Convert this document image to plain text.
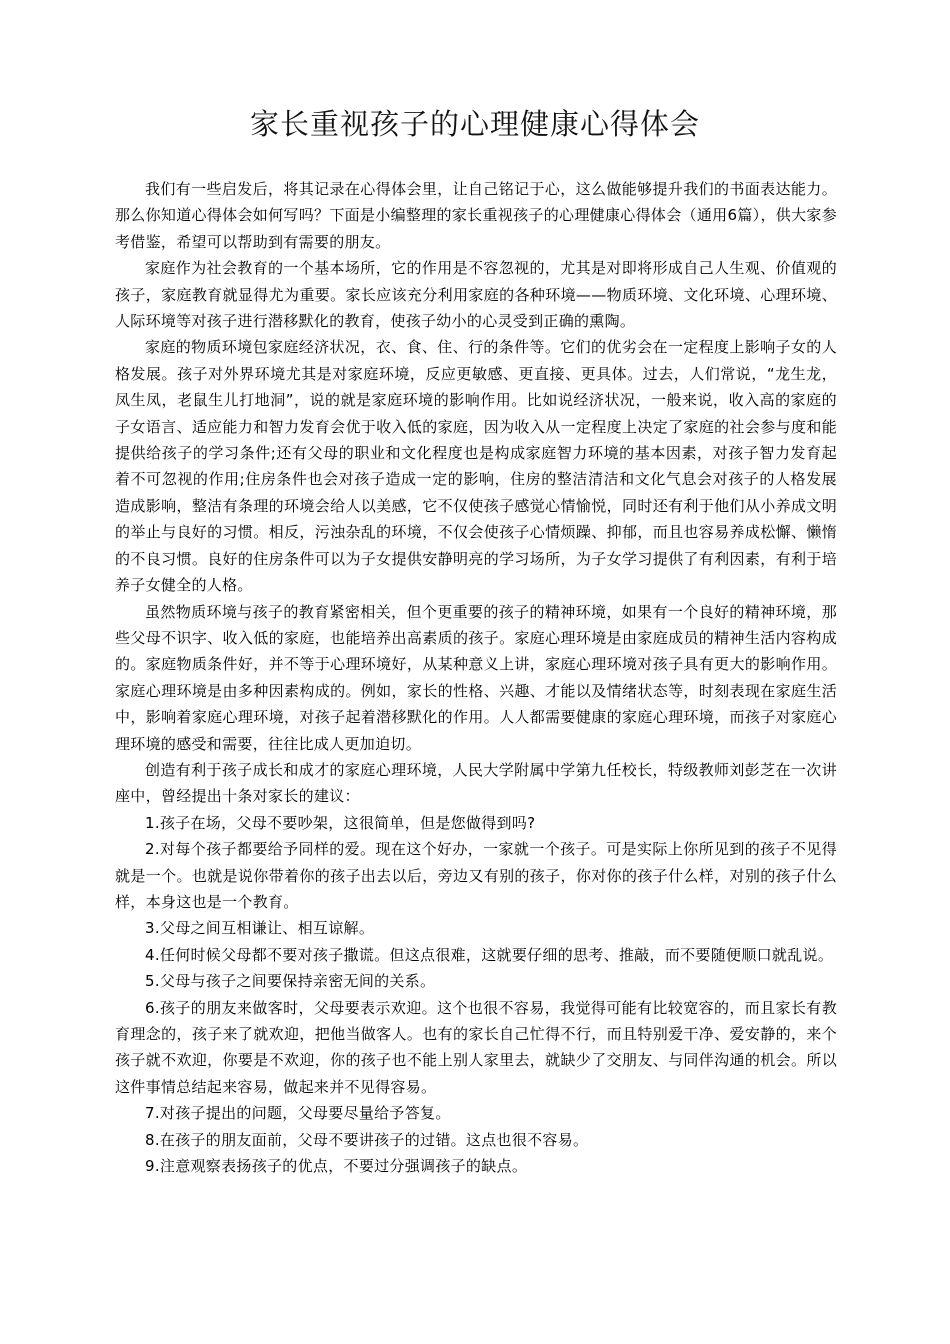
家长重视孩子的心理健康心得体会

我们有一些启发后，将其记录在心得体会里，让自己铭记于心，这么做能够提升我们的书面表达能力。那么你知道心得体会如何写吗？下面是小编整理的家长重视孩子的心理健康心得体会（通用6篇），供大家参考借鉴，希望可以帮助到有需要的朋友。

家庭作为社会教育的一个基本场所，它的作用是不容忽视的，尤其是对即将形成自己人生观、价值观的孩子，家庭教育就显得尤为重要。家长应该充分利用家庭的各种环境——物质环境、文化环境、心理环境、人际环境等对孩子进行潜移默化的教育，使孩子幼小的心灵受到正确的熏陶。

家庭的物质环境包家庭经济状况，衣、食、住、行的条件等。它们的优劣会在一定程度上影响子女的人格发展。孩子对外界环境尤其是对家庭环境，反应更敏感、更直接、更具体。过去，人们常说，“龙生龙，凤生凤，老鼠生儿打地洞”，说的就是家庭环境的影响作用。比如说经济状况，一般来说，收入高的家庭的子女语言、适应能力和智力发育会优于收入低的家庭，因为收入从一定程度上决定了家庭的社会参与度和能提供给孩子的学习条件;还有父母的职业和文化程度也是构成家庭智力环境的基本因素，对孩子智力发育起着不可忽视的作用;住房条件也会对孩子造成一定的影响，住房的整洁清洁和文化气息会对孩子的人格发展造成影响，整洁有条理的环境会给人以美感，它不仅使孩子感觉心情愉悦，同时还有利于他们从小养成文明的举止与良好的习惯。相反，污浊杂乱的环境，不仅会使孩子心情烦躁、抑郁，而且也容易养成松懈、懒惰的不良习惯。良好的住房条件可以为子女提供安静明亮的学习场所，为子女学习提供了有利因素，有利于培养子女健全的人格。

虽然物质环境与孩子的教育紧密相关，但个更重要的孩子的精神环境，如果有一个良好的精神环境，那些父母不识字、收入低的家庭，也能培养出高素质的孩子。家庭心理环境是由家庭成员的精神生活内容构成的。家庭物质条件好，并不等于心理环境好，从某种意义上讲，家庭心理环境对孩子具有更大的影响作用。家庭心理环境是由多种因素构成的。例如，家长的性格、兴趣、才能以及情绪状态等，时刻表现在家庭生活中，影响着家庭心理环境，对孩子起着潜移默化的作用。人人都需要健康的家庭心理环境，而孩子对家庭心理环境的感受和需要，往往比成人更加迫切。

创造有利于孩子成长和成才的家庭心理环境，人民大学附属中学第九任校长，特级教师刘彭芝在一次讲座中，曾经提出十条对家长的建议：

1.孩子在场，父母不要吵架，这很简单，但是您做得到吗?

2.对每个孩子都要给予同样的爱。现在这个好办，一家就一个孩子。可是实际上你所见到的孩子不见得就是一个。也就是说你带着你的孩子出去以后，旁边又有别的孩子，你对你的孩子什么样，对别的孩子什么样，本身这也是一个教育。

3.父母之间互相谦让、相互谅解。

4.任何时候父母都不要对孩子撒谎。但这点很难，这就要仔细的思考、推敲，而不要随便顺口就乱说。

5.父母与孩子之间要保持亲密无间的关系。

6.孩子的朋友来做客时，父母要表示欢迎。这个也很不容易，我觉得可能有比较宽容的，而且家长有教育理念的，孩子来了就欢迎，把他当做客人。也有的家长自己忙得不行，而且特别爱干净、爱安静的，来个孩子就不欢迎，你要是不欢迎，你的孩子也不能上别人家里去，就缺少了交朋友、与同伴沟通的机会。所以这件事情总结起来容易，做起来并不见得容易。

7.对孩子提出的问题，父母要尽量给予答复。

8.在孩子的朋友面前，父母不要讲孩子的过错。这点也很不容易。

9.注意观察表扬孩子的优点，不要过分强调孩子的缺点。
